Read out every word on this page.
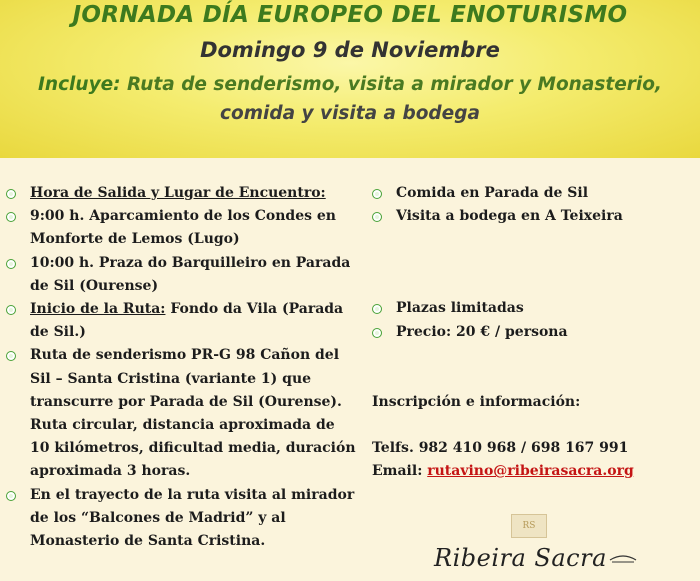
JORNADA DÍA EUROPEO DEL ENOTURISMO
Domingo 9 de Noviembre
Incluye: Ruta de senderismo, visita a mirador y Monasterio,
comida y visita a bodega
Hora de Salida y Lugar de Encuentro:
9:00 h. Aparcamiento de los Condes en Monforte de Lemos (Lugo)
10:00 h. Praza do Barquilleiro en Parada de Sil (Ourense)
Inicio de la Ruta: Fondo da Vila (Parada de Sil.)
Ruta de senderismo PR-G 98 Cañon del Sil – Santa Cristina (variante 1) que transcurre por Parada de Sil (Ourense). Ruta circular, distancia aproximada de 10 kilómetros, dificultad media, duración aproximada 3 horas.
En el trayecto de la ruta visita al mirador de los “Balcones de Madrid” y al Monasterio de Santa Cristina.
Comida en Parada de Sil
Visita a bodega en A Teixeira
Plazas limitadas
Precio: 20 € / persona
Inscripción e información:
Telfs. 982 410 968 / 698 167 991
Email: rutavino@ribeirasacra.org
RS
Ribeira Sacra
